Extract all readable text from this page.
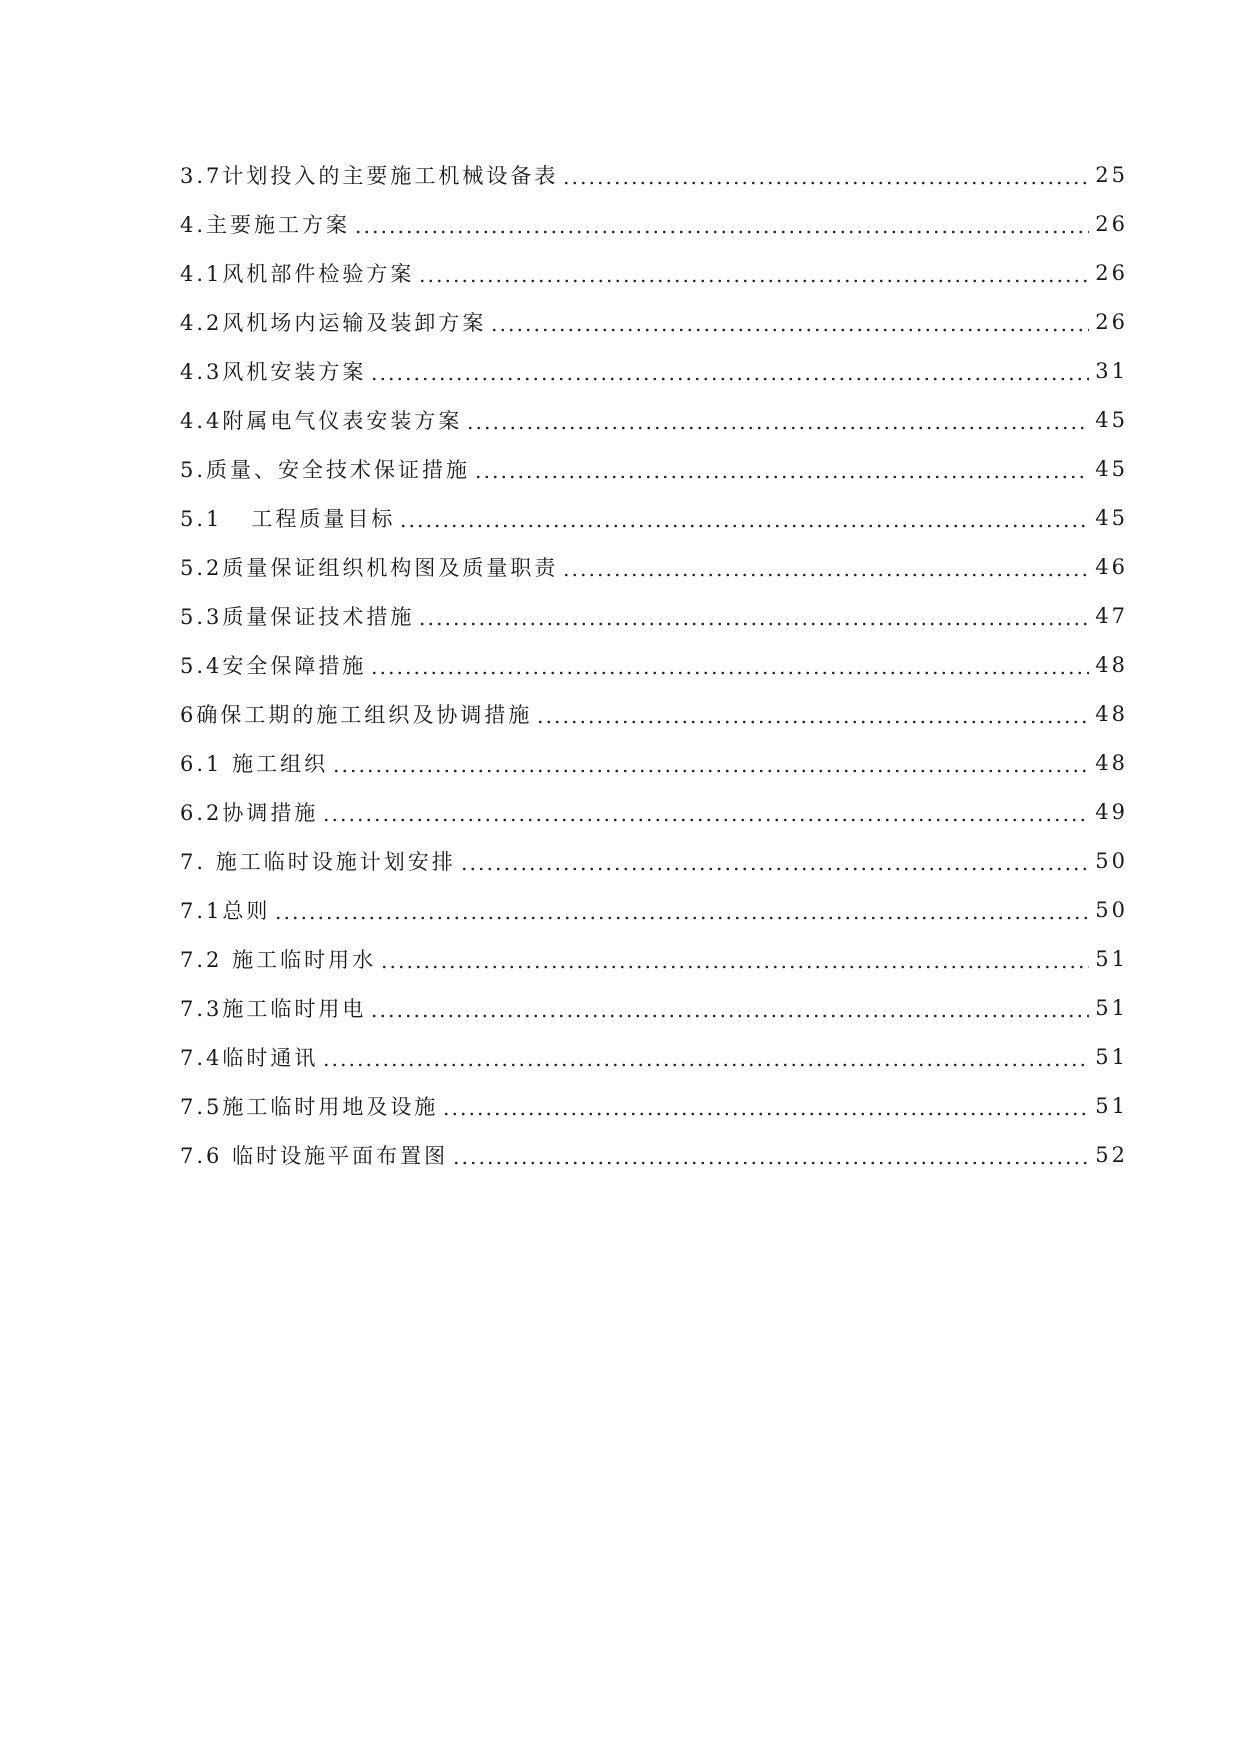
3.7计划投入的主要施工机械设备表	25
4.主要施工方案	26
4.1风机部件检验方案	26
4.2风机场内运输及装卸方案	26
4.3风机安装方案	31
4.4附属电气仪表安装方案	45
5.质量、安全技术保证措施	45
5.1   工程质量目标	45
5.2质量保证组织机构图及质量职责	46
5.3质量保证技术措施	47
5.4安全保障措施	48
6确保工期的施工组织及协调措施	48
6.1 施工组织	48
6.2协调措施	49
7. 施工临时设施计划安排	50
7.1总则	50
7.2 施工临时用水	51
7.3施工临时用电	51
7.4临时通讯	51
7.5施工临时用地及设施	51
7.6 临时设施平面布置图	52
